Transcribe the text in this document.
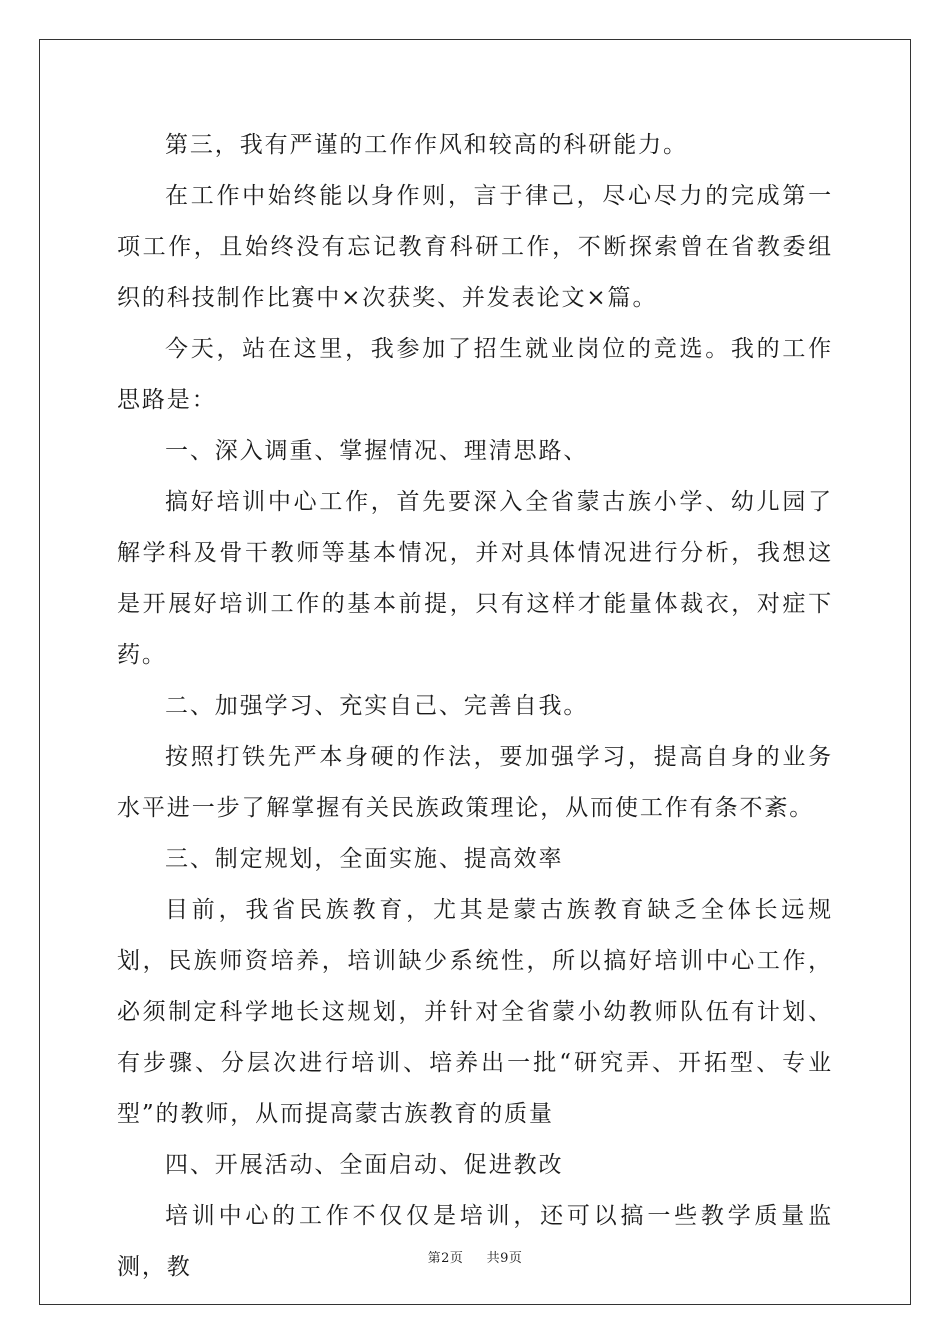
第三，我有严谨的工作作风和较高的科研能力。

在工作中始终能以身作则，言于律己，尽心尽力的完成第一项工作，且始终没有忘记教育科研工作，不断探索曾在省教委组织的科技制作比赛中×次获奖、并发表论文×篇。

今天，站在这里，我参加了招生就业岗位的竞选。我的工作思路是：

一、深入调重、掌握情况、理清思路、

搞好培训中心工作，首先要深入全省蒙古族小学、幼儿园了解学科及骨干教师等基本情况，并对具体情况进行分析，我想这是开展好培训工作的基本前提，只有这样才能量体裁衣，对症下药。

二、加强学习、充实自己、完善自我。

按照打铁先严本身硬的作法，要加强学习，提高自身的业务水平进一步了解掌握有关民族政策理论，从而使工作有条不紊。

三、制定规划，全面实施、提高效率

目前，我省民族教育，尤其是蒙古族教育缺乏全体长远规划，民族师资培养，培训缺少系统性，所以搞好培训中心工作，必须制定科学地长这规划，并针对全省蒙小幼教师队伍有计划、有步骤、分层次进行培训、培养出一批“研究弄、开拓型、专业型”的教师，从而提高蒙古族教育的质量

四、开展活动、全面启动、促进教改

培训中心的工作不仅仅是培训，还可以搞一些教学质量监测，教	第2页 共9页
